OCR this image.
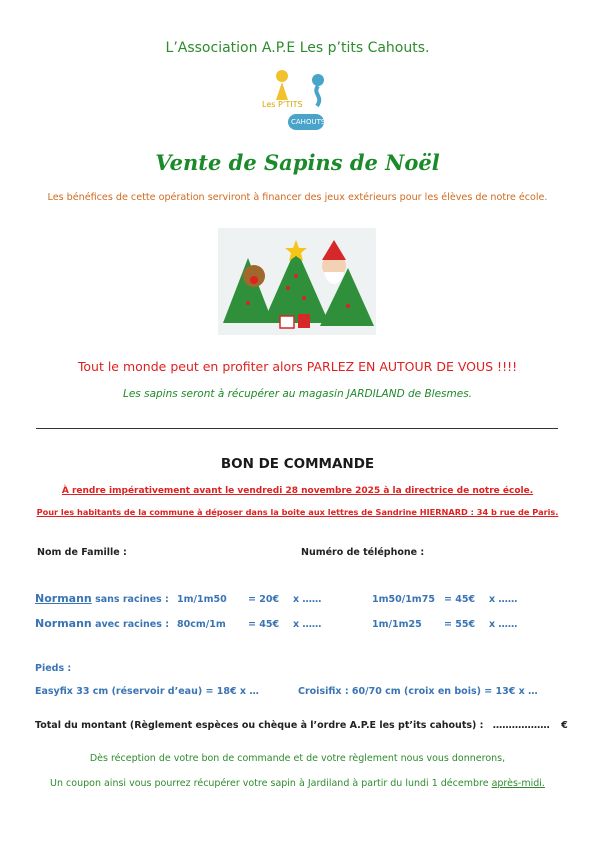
L’Association A.P.E Les p’tits Cahouts.
Les P’TITS
CAHOUTS
Vente de Sapins de Noël
Les bénéfices de cette opération serviront à financer des jeux extérieurs pour les élèves de notre école.
Tout le monde peut en profiter alors PARLEZ EN AUTOUR DE VOUS !!!!
Les sapins seront à récupérer au magasin JARDILAND de Blesmes.
BON DE COMMANDE
À rendre impérativement avant le vendredi 28 novembre 2025 à la directrice de notre école.
Pour les habitants de la commune à déposer dans la boite aux lettres de Sandrine HIERNARD : 34 b rue de Paris.
Nom de Famille :	Numéro de téléphone :
Normann sans racines : 1m/1m50 = 20€ x ……	1m50/1m75 = 45€ x ……
Normann avec racines : 80cm/1m = 45€ x ……	1m/1m25 = 55€ x ……
Pieds :
Easyfix 33 cm (réservoir d’eau) = 18€ x …	Croisifix : 60/70 cm (croix en bois) = 13€ x …
Total du montant (Règlement espèces ou chèque à l’ordre A.P.E les pt’its cahouts) : ……………… €
Dès réception de votre bon de commande et de votre règlement nous vous donnerons,
Un coupon ainsi vous pourrez récupérer votre sapin à Jardiland à partir du lundi 1 décembre après-midi.
